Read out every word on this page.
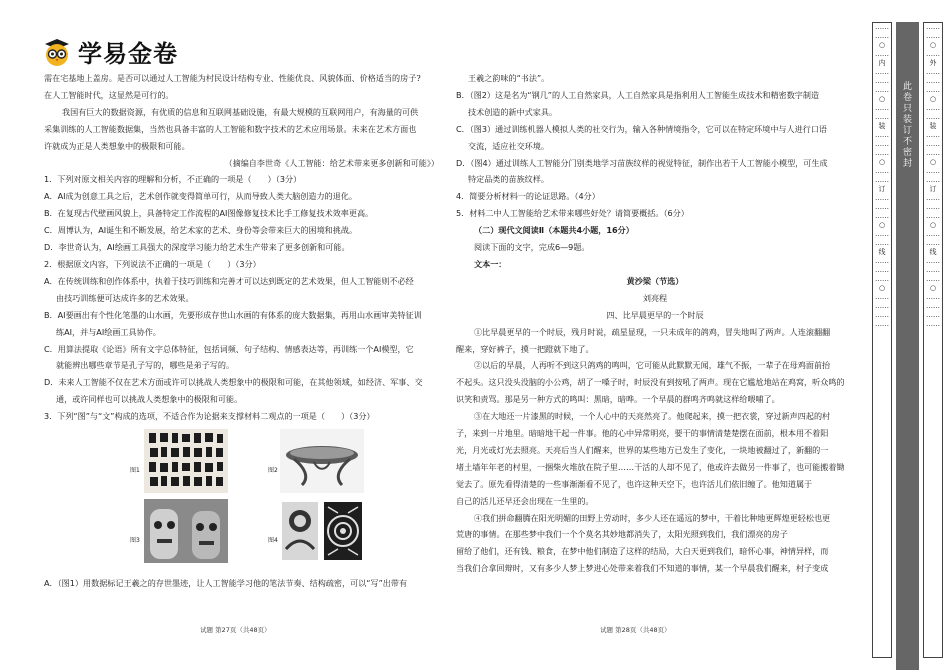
学易金卷

需在宅基地上盖房。是否可以通过人工智能为村民设计结构专业、性能优良、风貌体面、价格适当的房子?

在人工智能时代，这显然是可行的。

我国有巨大的数据资源，有优质的信息和互联网基础设施，有最大规模的互联网用户，有海量的可供

采集训练的人工智能数据集，当然也具备丰富的人工智能和数字技术的艺术应用场景。未来在艺术方面也

许就成为正是人类想象中的极限和可能。

（摘编自李世奇《人工智能：给艺术带来更多创新和可能》）

1．下列对原文相关内容的理解和分析，不正确的一项是（　　）（3分）

A．AI成为创意工具之后，艺术创作就变得简单可行，从而导致人类大脑创造力的退化。

B．在复现古代壁画风貌上，具备特定工作流程的AI图像修复技术比手工修复技术效率更高。

C．周博认为，AI诞生和不断发展，给艺术家的艺术、身份等会带来巨大的困境和挑战。

D．李世奇认为，AI绘画工具强大的深度学习能力给艺术生产带来了更多创新和可能。

2．根据原文内容，下列说法不正确的一项是（　　）（3分）

A．在传统训练和创作体系中，执着于技巧训练和完善才可以达到既定的艺术效果，但人工智能则不必经

由技巧训练便可达成许多的艺术效果。

B．AI要画出有个性化笔墨的山水画，先要形成存世山水画的有体系的庞大数据集，再用山水画审美特征训

练AI，并与AI绘画工具协作。

C．用算法提取《论语》所有文字总体特征，包括词频、句子结构、情感表达等，再训练一个AI模型，它

就能辨出哪些章节是孔子写的，哪些是弟子写的。

D．未来人工智能不仅在艺术方面或许可以挑战人类想象中的极限和可能，在其他领域，如经济、军事、交

通，或许同样也可以挑战人类想象中的极限和可能。

3．下列“图”与“文”构成的选项，不适合作为论据来支撑材料二观点的一项是（　　）（3分）

图1	图2
图3	图4

A．（图1）用数据标记王羲之的存世墨迹，让人工智能学习他的笔法节奏、结构疏密，可以“写”出带有

王羲之韵味的“书法”。

B．（图2）这是名为“钢几”的人工自然家具，人工自然家具是指利用人工智能生成技术和精密数字制造

技术创造的新中式家具。

C．（图3）通过训练机器人模拟人类的社交行为，输入各种情境指令，它可以在特定环境中与人进行口语

交流，适应社交环境。

D．（图4）通过训练人工智能分门别类地学习苗族纹样的视觉特征，制作出若干人工智能小模型，可生成

特定品类的苗族纹样。

4．简要分析材料一的论证思路。（4分）

5．材料二中人工智能给艺术带来哪些好处？请简要概括。（6分）

（二）现代文阅读Ⅱ（本题共4小题，16分）

阅读下面的文字，完成6—9题。

文本一：

黄沙梁（节选）

刘亮程

四、比早晨更早的一个时辰

①比早晨更早的一个时辰，残月时说，疏星显现，一只未成年的鸽鸡，冒失地叫了两声。人连滚翻翻

醒来，穿好裤子，摸一把蹬就下地了。

②以后的早晨，人再听不到这只鸽鸡的鸣叫，它可能从此默默无闻，雄气不振，一辈子在母鸡面前抬

不起头。这只没头没脑的小公鸡，胡了一嗓子时，时辰没有到按吼了两声。现在它尴尬地站在鸡窝，听众鸣的

识笑和责骂。那是另一种方式的鸣叫：黑暗，暗哗。一个早晨的群鸣齐鸣就这样给喂哺了。

③在大地还一片漆黑的时候，一个人心中的天亮然亮了。他爬起来，摸一把衣裳，穿过新声四起的村

子，来到一片地里。暗暗地干起一件事。他的心中异常明亮，要干的事情清楚楚摆在面前，根本用不着阳

光，月光或灯光去照亮。天亮后当人们醒来，世界的某些地方已发生了变化，一块地被翻过了，新翻的一

堵土墙年年老的村里，一捆柴火堆放在院子里……干活的人却不见了，他或许去做另一件事了，也可能搬着锄

觉去了。原先看得清楚的一些事渐渐看不见了，也许这种天空下，也许活儿们依旧缠了。他知道属于

自己的活儿还早还会出现在一生里的。

④我们拼命翻腾在阳光明媚的田野上劳动时，多少人还在遥远的梦中，干着比种地更辉煌更轻松也更

荒唐的事情。在那些梦中我们一个个莫名其妙地都消失了，太阳光照到我们，我们漂亮的房子

留给了他们，还有钱、粮食，在梦中他们制造了这样的结局，大白天更到我们，暗怀心事，神情异样，而

当我们合拿回辩时，又有多少人梦上梦进心处带来着我们不知道的事情，某一个早晨我们醒来，村子变成

试题 第27页（共48页）	试题 第28页（共48页）
……
……
○
……
内
……
……
……
○
……
……
装
……
……
……
○
……
……
订
……
……
……
○
……
……
线
……
……
……
○
……
……
……
……
此
卷
只
装
订
不
密
封
……
……
○
……
外
……
……
……
○
……
……
装
……
……
……
○
……
……
订
……
……
……
○
……
……
线
……
……
……
○
……
……
……
……
